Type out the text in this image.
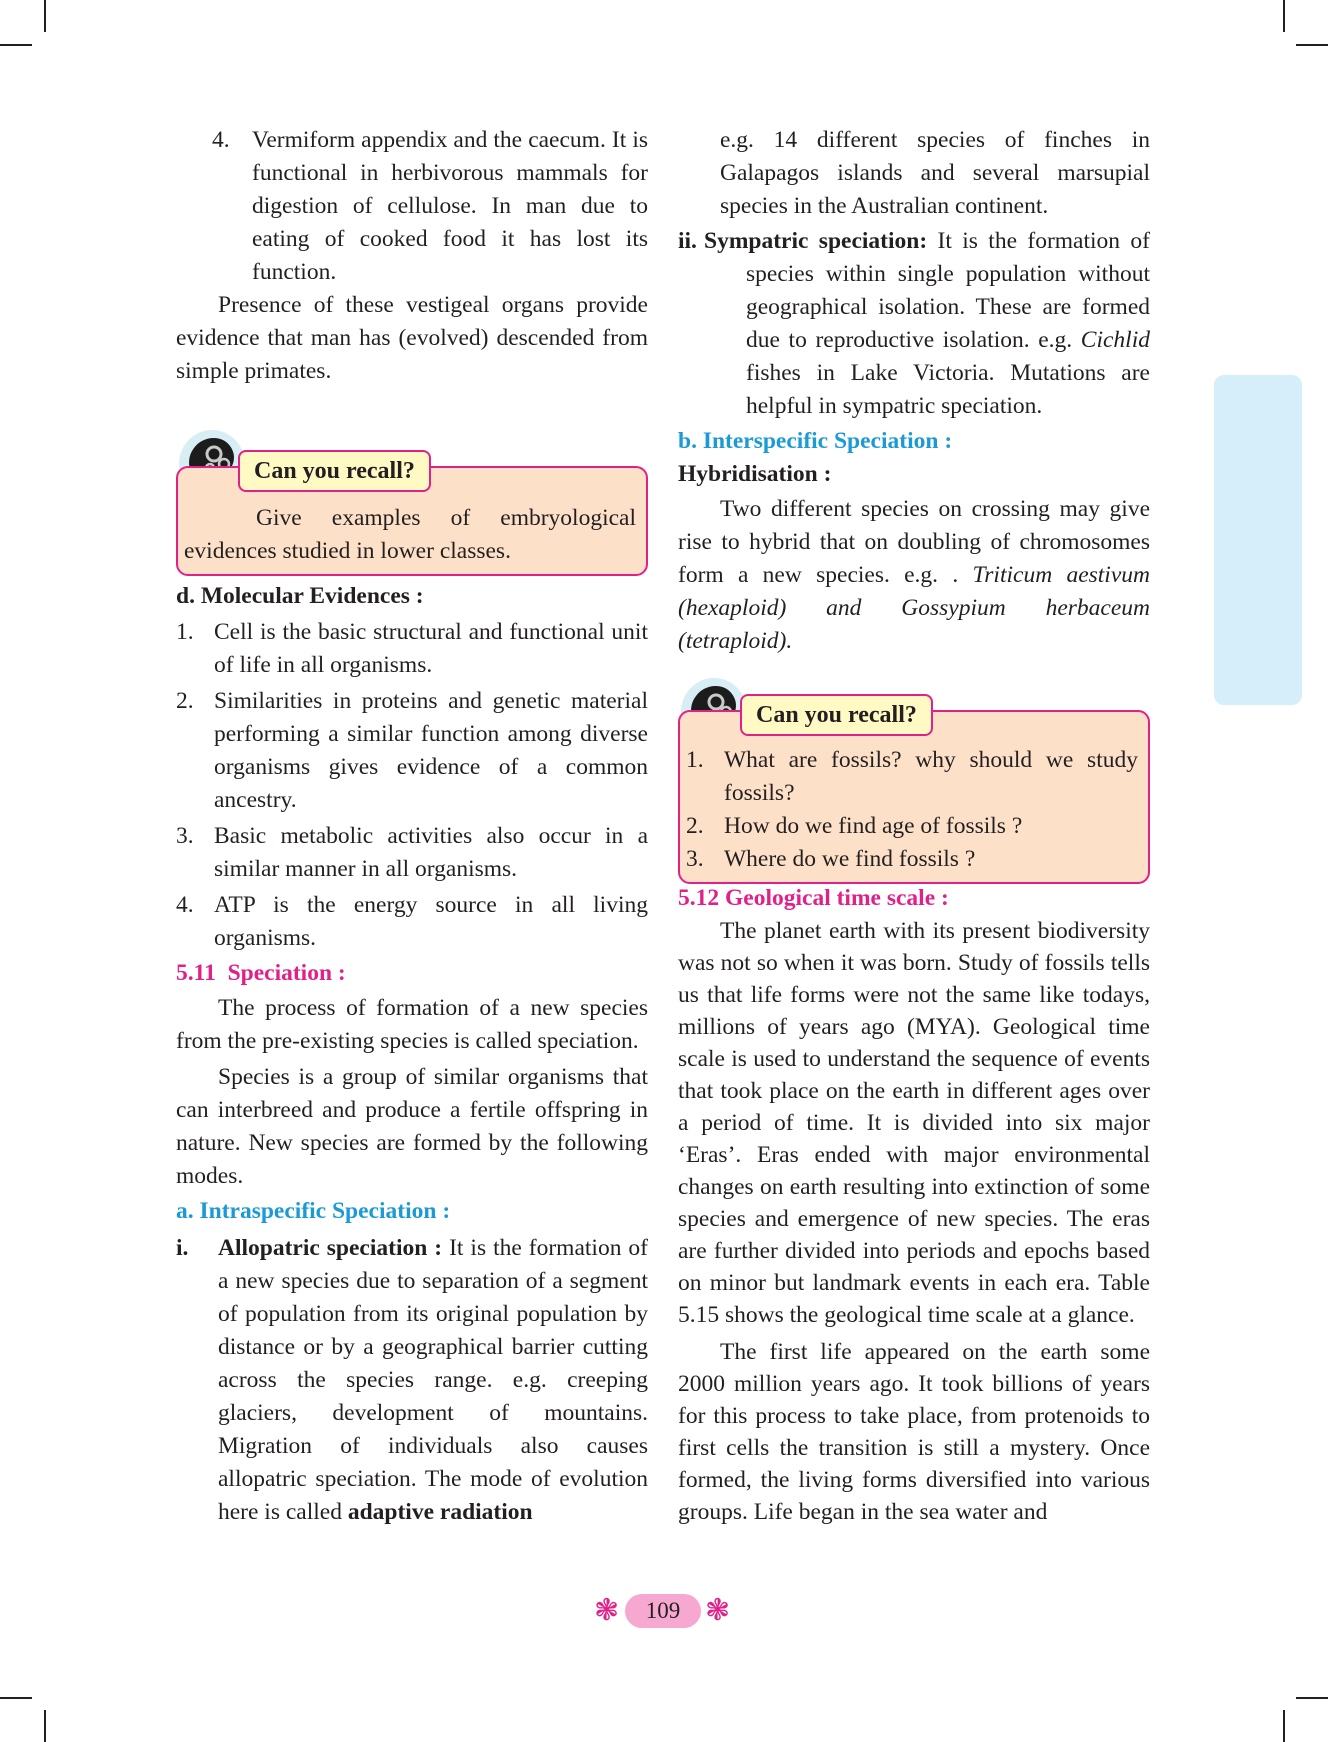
4. Vermiform appendix and the caecum. It is functional in herbivorous mammals for digestion of cellulose. In man due to eating of cooked food it has lost its function.

Presence of these vestigeal organs provide evidence that man has (evolved) descended from simple primates.

Give examples of embryological evidences studied in lower classes.

Can you recall?
d. Molecular Evidences :
1. Cell is the basic structural and functional unit of life in all organisms.
2. Similarities in proteins and genetic material performing a similar function among diverse organisms gives evidence of a common ancestry.
3. Basic metabolic activities also occur in a similar manner in all organisms.
4. ATP is the energy source in all living organisms.
5.11  Speciation :

The process of formation of a new species from the pre-existing species is called speciation.

Species is a group of similar organisms that can interbreed and produce a fertile offspring in nature. New species are formed by the following modes.

a. Intraspecific Speciation :
i.	Allopatric speciation : It is the formation of a new species due to separation of a segment of population from its original population by distance or by a geographical barrier cutting across the species range. e.g. creeping glaciers, development of mountains. Migration of individuals also causes allopatric speciation. The mode of evolution here is called adaptive radiation

e.g. 14 different species of finches in Galapagos islands and several marsupial species in the Australian continent.

ii. Sympatric speciation: It is the formation of species within single population without geographical isolation. These are formed due to reproductive isolation. e.g. Cichlid fishes in Lake Victoria. Mutations are helpful in sympatric speciation.
b. Interspecific Speciation :
Hybridisation :

Two different species on crossing may give rise to hybrid that on doubling of chromosomes form a new species. e.g. . Triticum aestivum (hexaploid) and Gossypium herbaceum (tetraploid).

1. What are fossils? why should we study fossils?
2. How do we find age of fossils ?
3. Where do we find fossils ?
Can you recall?
5.12 Geological time scale :

The planet earth with its present biodiversity was not so when it was born. Study of fossils tells us that life forms were not the same like todays, millions of years ago (MYA). Geological time scale is used to understand the sequence of events that took place on the earth in different ages over a period of time. It is divided into six major ‘Eras’. Eras ended with major environmental changes on earth resulting into extinction of some species and emergence of new species. The eras are further divided into periods and epochs based on minor but landmark events in each era. Table 5.15 shows the geological time scale at a glance.

The first life appeared on the earth some 2000 million years ago. It took billions of years for this process to take place, from protenoids to first cells the transition is still a mystery. Once formed, the living forms diversified into various groups. Life began in the sea water and

❃	109 ❃
